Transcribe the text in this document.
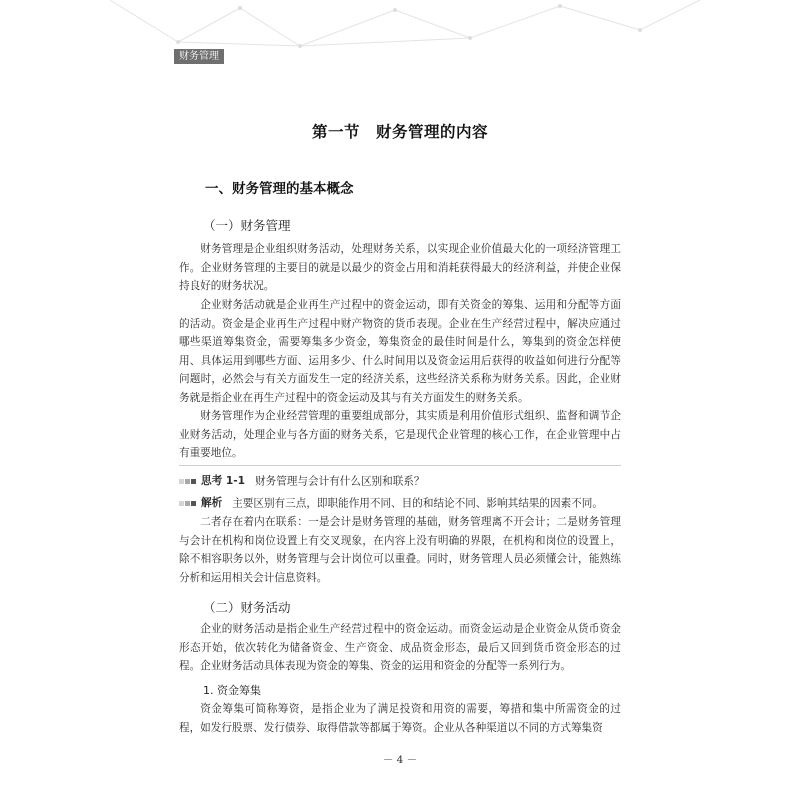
财务管理
第一节　财务管理的内容
一、财务管理的基本概念
（一）财务管理

财务管理是企业组织财务活动，处理财务关系，以实现企业价值最大化的一项经济管理工作。企业财务管理的主要目的就是以最少的资金占用和消耗获得最大的经济利益，并使企业保持良好的财务状况。

企业财务活动就是企业再生产过程中的资金运动，即有关资金的筹集、运用和分配等方面的活动。资金是企业再生产过程中财产物资的货币表现。企业在生产经营过程中，解决应通过哪些渠道筹集资金，需要筹集多少资金，筹集资金的最佳时间是什么，筹集到的资金怎样使用、具体运用到哪些方面、运用多少、什么时间用以及资金运用后获得的收益如何进行分配等问题时，必然会与有关方面发生一定的经济关系，这些经济关系称为财务关系。因此，企业财务就是指企业在再生产过程中的资金运动及其与有关方面发生的财务关系。

财务管理作为企业经营管理的重要组成部分，其实质是利用价值形式组织、监督和调节企业财务活动，处理企业与各方面的财务关系，它是现代企业管理的核心工作，在企业管理中占有重要地位。

思考 1-1 财务管理与会计有什么区别和联系？
解析 主要区别有三点，即职能作用不同、目的和结论不同、影响其结果的因素不同。

二者存在着内在联系：一是会计是财务管理的基础，财务管理离不开会计；二是财务管理与会计在机构和岗位设置上有交叉现象，在内容上没有明确的界限，在机构和岗位的设置上，除不相容职务以外，财务管理与会计岗位可以重叠。同时，财务管理人员必须懂会计，能熟练分析和运用相关会计信息资料。

（二）财务活动

企业的财务活动是指企业生产经营过程中的资金运动。而资金运动是企业资金从货币资金形态开始，依次转化为储备资金、生产资金、成品资金形态，最后又回到货币资金形态的过程。企业财务活动具体表现为资金的筹集、资金的运用和资金的分配等一系列行为。

1. 资金筹集

资金筹集可简称筹资，是指企业为了满足投资和用资的需要，筹措和集中所需资金的过程，如发行股票、发行债券、取得借款等都属于筹资。企业从各种渠道以不同的方式筹集资

－ 4 －
